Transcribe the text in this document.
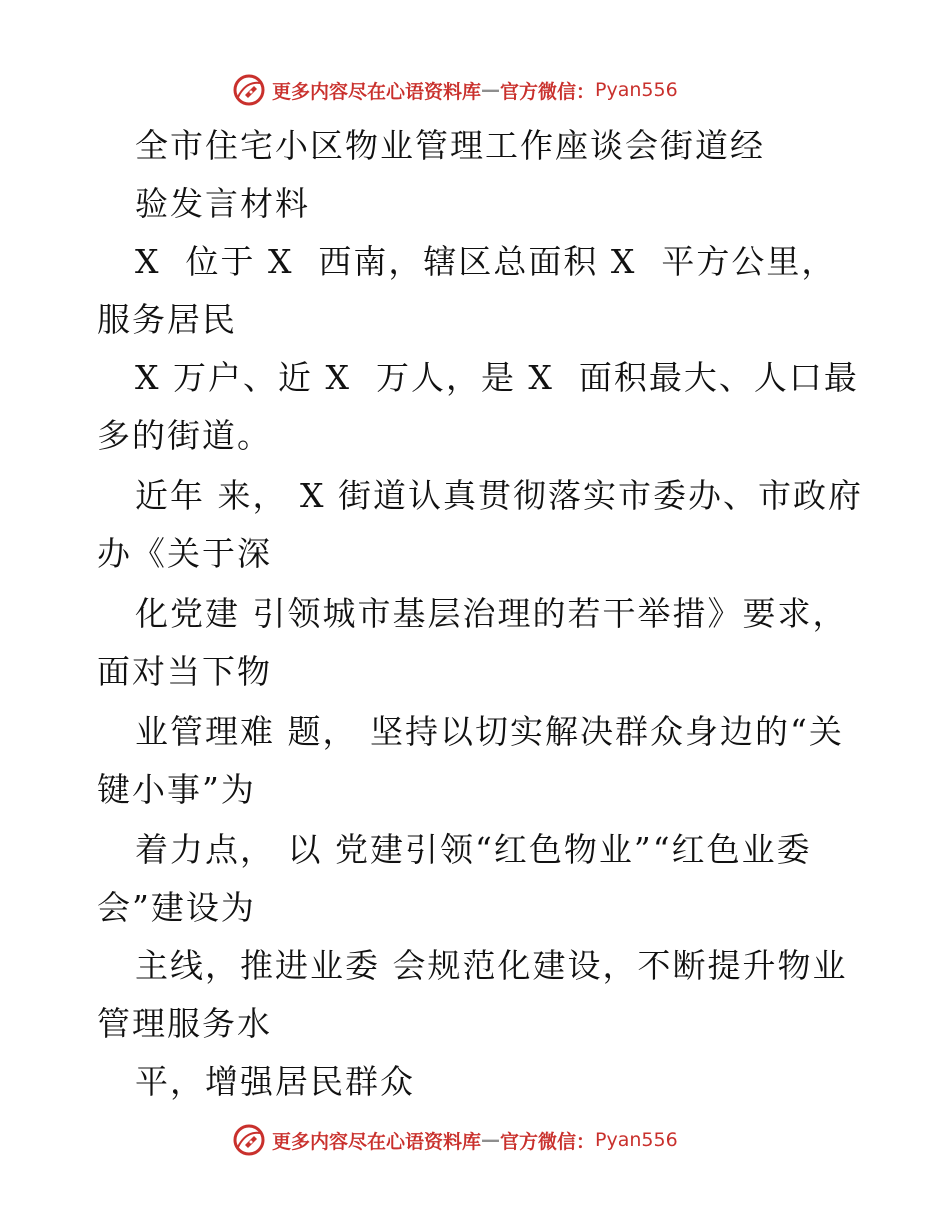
更多内容尽在心语资料库 — 官方微信： Pyan556
全市住宅小区物业管理工作座谈会街道经
验发言材料
X  位于 X  西南，辖区总面积 X  平方公里，
服务居民
X 万户、近 X  万人，是 X  面积最大、人口最
多的街道。
近年 来， X 街道认真贯彻落实市委办、市政府
办《关于深
化党建 引领城市基层治理的若干举措》要求，
面对当下物
业管理难 题， 坚持以切实解决群众身边的“关
键小事”为
着力点， 以 党建引领“红色物业”“红色业委
会”建设为
主线，推进业委 会规范化建设，不断提升物业
管理服务水
平，增强居民群众
更多内容尽在心语资料库 — 官方微信： Pyan556
